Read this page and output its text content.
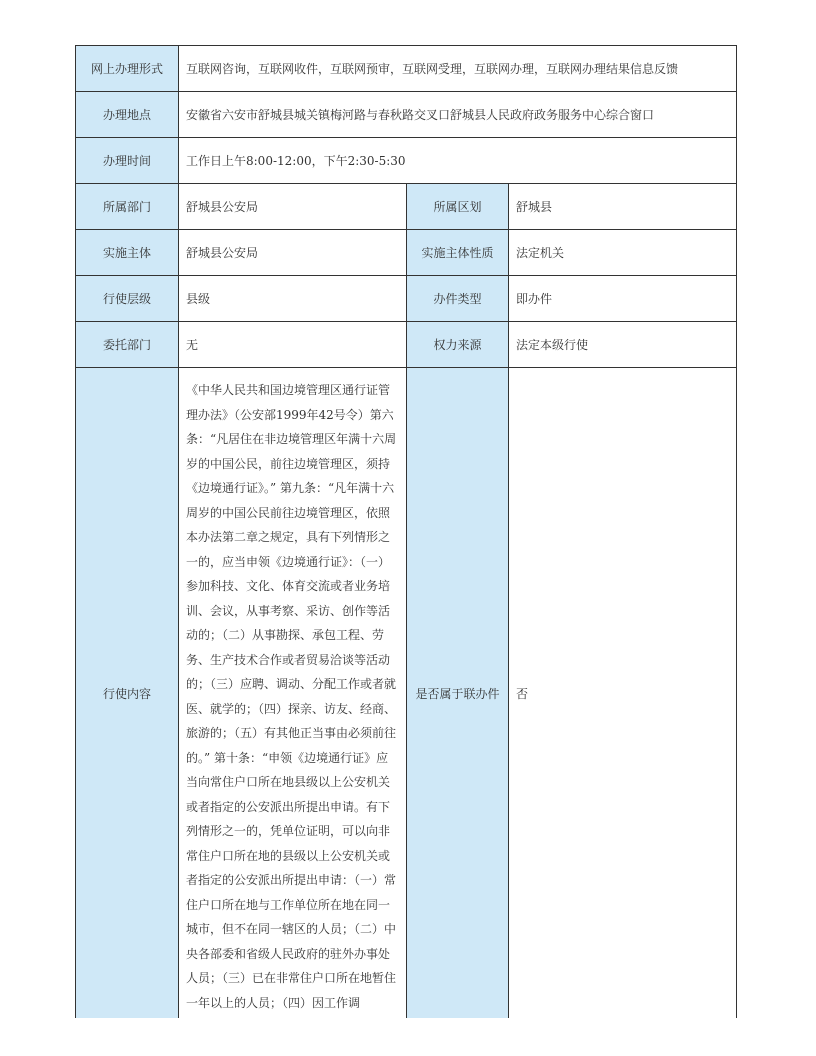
网上办理形式	互联网咨询，互联网收件，互联网预审，互联网受理，互联网办理，互联网办理结果信息反馈		
办理地点	安徽省六安市舒城县城关镇梅河路与春秋路交叉口舒城县人民政府政务服务中心综合窗口		
办理时间	工作日上午8:00-12:00，下午2:30-5:30		
所属部门	舒城县公安局	所属区划	舒城县
实施主体	舒城县公安局	实施主体性质	法定机关
行使层级	县级	办件类型	即办件
委托部门	无	权力来源	法定本级行使
行使内容	《中华人民共和国边境管理区通行证管理办法》（公安部1999年42号令）第六条：“凡居住在非边境管理区年满十六周岁的中国公民，前往边境管理区，须持《边境通行证》。” 第九条：“凡年满十六周岁的中国公民前往边境管理区，依照本办法第二章之规定，具有下列情形之一的，应当申领《边境通行证》：（一）参加科技、文化、体育交流或者业务培训、会议，从事考察、采访、创作等活动的；（二）从事勘探、承包工程、劳务、生产技术合作或者贸易洽谈等活动的；（三）应聘、调动、分配工作或者就医、就学的；（四）探亲、访友、经商、旅游的；（五）有其他正当事由必须前往的。” 第十条：“申领《边境通行证》应当向常住户口所在地县级以上公安机关或者指定的公安派出所提出申请。有下列情形之一的，凭单位证明，可以向非常住户口所在地的县级以上公安机关或者指定的公安派出所提出申请：（一）常住户口所在地与工作单位所在地在同一城市，但不在同一辖区的人员；（二）中央各部委和省级人民政府的驻外办事处人员；（三）已在非常住户口所在地暂住一年以上的人员；（四）因工作调	是否属于联办件	否
